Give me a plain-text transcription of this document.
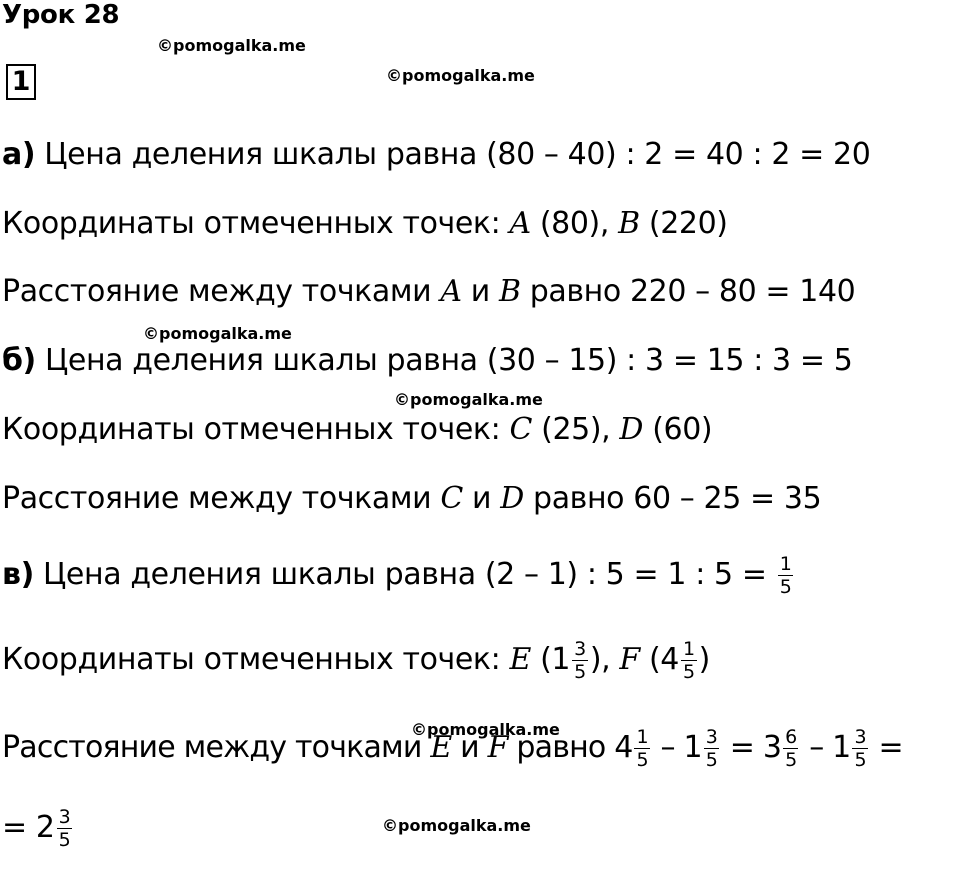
Урок 28
©pomogalka.me
1	©pomogalka.me
а) Цена деления шкалы равна (80 – 40) : 2 = 40 : 2 = 20
Координаты отмеченных точек: A (80), B (220)
Расстояние между точками A и B равно 220 – 80 = 140
©pomogalka.me
б) Цена деления шкалы равна (30 – 15) : 3 = 15 : 3 = 5
©pomogalka.me
Координаты отмеченных точек: C (25), D (60)
Расстояние между точками C и D равно 60 – 25 = 35
в) Цена деления шкалы равна (2 – 1) : 5 = 1 : $5 = \frac{1}{5}$
Координаты отмеченных точек: E ($1 \frac{3}{5}$ ), F ($4 \frac{1}{5}$ )
©pomogalka.me
Расстояние между точками E и F равно $4 \frac{1}{5} - 1 \frac{3}{5} = 3 \frac{6}{5} - 1 \frac{3}{5}$ =
= $2 \frac{3}{5}$	©pomogalka.me
